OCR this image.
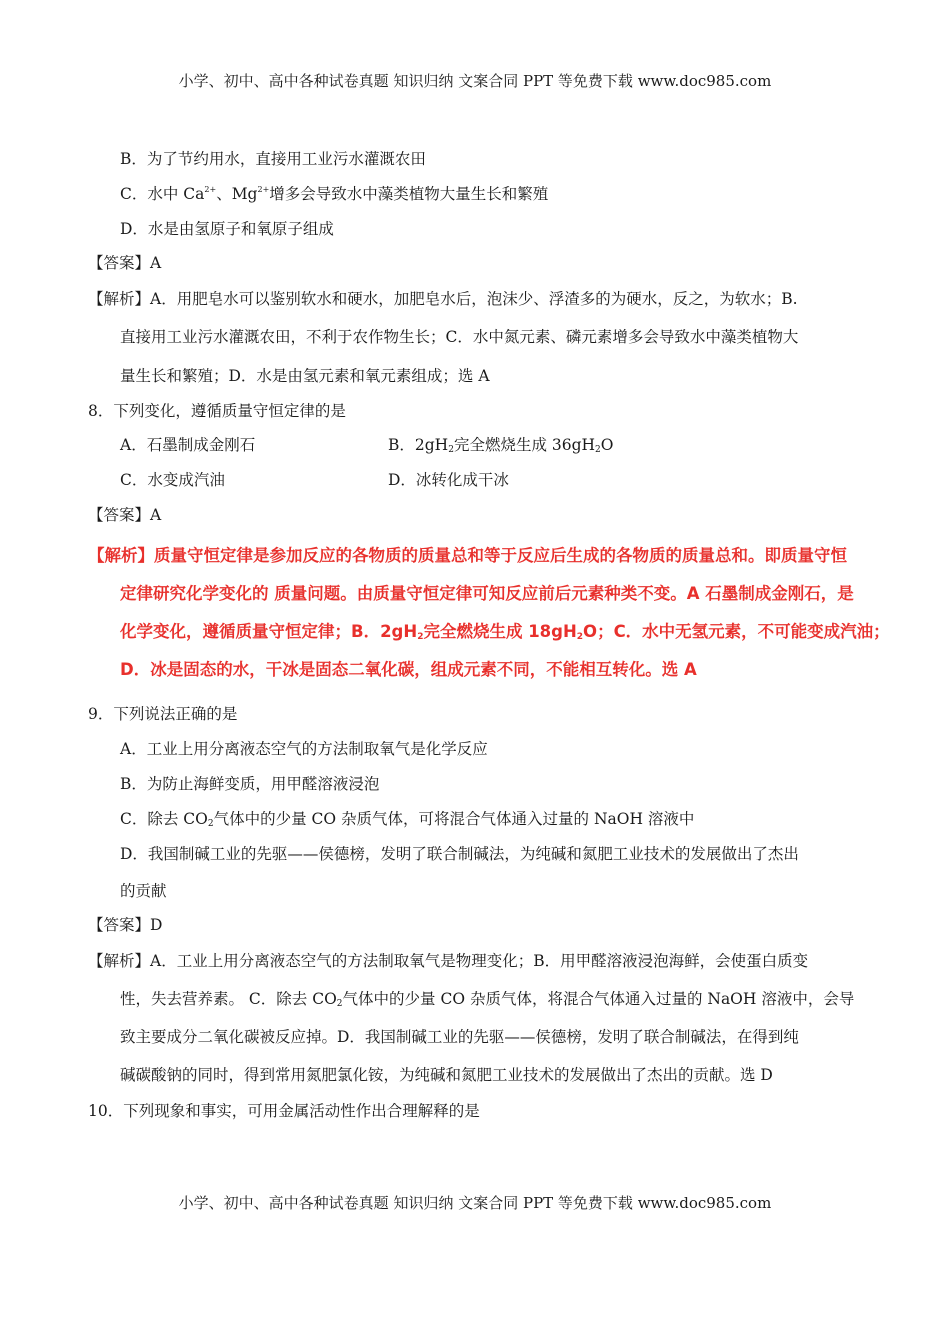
小学、初中、高中各种试卷真题 知识归纳 文案合同 PPT 等免费下载 www.doc985.com
B．为了节约用水，直接用工业污水灌溉农田
C．水中 $Ca^{2+}$、$Mg^{2+}$增多会导致水中藻类植物大量生长和繁殖
D．水是由氢原子和氧原子组成
【答案】A
【解析】A．用肥皂水可以鉴别软水和硬水，加肥皂水后，泡沫少、浮渣多的为硬水，反之，为软水；B.
直接用工业污水灌溉农田，不利于农作物生长；C．水中氮元素、磷元素增多会导致水中藻类植物大
量生长和繁殖；D．水是由氢元素和氧元素组成；选 A
8．下列变化，遵循质量守恒定律的是
A．石墨制成金刚石	B．$2gH_2$完全燃烧生成 $36gH_2O$
C．水变成汽油	D．冰转化成干冰
【答案】A
【解析】质量守恒定律是参加反应的各物质的质量总和等于反应后生成的各物质的质量总和。即质量守恒
定律研究化学变化的 质量问题。由质量守恒定律可知反应前后元素种类不变。A 石墨制成金刚石，是
化学变化，遵循质量守恒定律；B．$2gH_2$完全燃烧生成 $18gH_2O$；C．水中无氢元素，不可能变成汽油；
D．冰是固态的水，干冰是固态二氧化碳，组成元素不同，不能相互转化。选 A
9．下列说法正确的是
A．工业上用分离液态空气的方法制取氧气是化学反应
B．为防止海鲜变质，用甲醛溶液浸泡
C．除去 $CO_2$气体中的少量 CO 杂质气体，可将混合气体通入过量的 NaOH 溶液中
D．我国制碱工业的先驱——侯德榜，发明了联合制碱法，为纯碱和氮肥工业技术的发展做出了杰出
的贡献
【答案】D
【解析】A．工业上用分离液态空气的方法制取氧气是物理变化；B．用甲醛溶液浸泡海鲜，会使蛋白质变
性，失去营养素。 C．除去 $CO_2$气体中的少量 CO 杂质气体，将混合气体通入过量的 NaOH 溶液中，会导
致主要成分二氧化碳被反应掉。D．我国制碱工业的先驱——侯德榜，发明了联合制碱法，在得到纯
碱碳酸钠的同时，得到常用氮肥氯化铵，为纯碱和氮肥工业技术的发展做出了杰出的贡献。选 D
10．下列现象和事实，可用金属活动性作出合理解释的是
小学、初中、高中各种试卷真题 知识归纳 文案合同 PPT 等免费下载 www.doc985.com
